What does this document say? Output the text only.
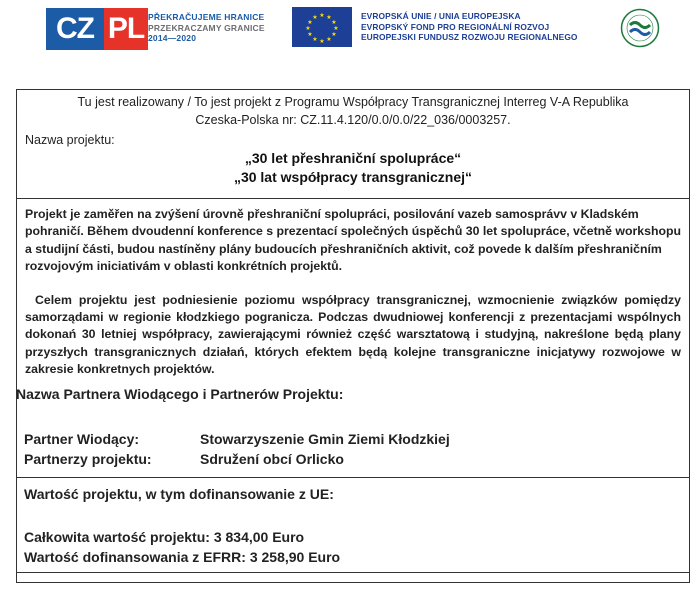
CZ PL PŘEKRAČUJEME HRANICE
PRZEKRACZAMY GRANICE
2014—2020
★ ★
★
★
★
★
★
★
★
★
★
★	EVROPSKÁ UNIE / UNIA EUROPEJSKA
EVROPSKÝ FOND PRO REGIONÁLNÍ ROZVOJ
EUROPEJSKI FUNDUSZ ROZWOJU REGIONALNEGO
Tu jest realizowany / To jest projekt z Programu Współpracy Transgranicznej Interreg V-A Republika
Czeska-Polska nr: CZ.11.4.120/0.0/0.0/22_036/0003257.
Nazwa projektu:
„30 let přeshraniční spolupráce“
„30 lat współpracy transgranicznej“
Projekt je zaměřen na zvýšení úrovně přeshraniční spolupráci, posilování vazeb samosprávv v Kladském pohraničí. Během dvoudenní konference s prezentací společných úspěchů 30 let spolupráce, včetně workshopu a studijní části, budou nastíněny plány budoucích přeshraničních aktivit, což povede k dalším přeshraničním rozvojovým iniciativám v oblasti konkrétních projektů.
Celem projektu jest podniesienie poziomu współpracy transgranicznej, wzmocnienie związków pomiędzy samorządami w regionie kłodzkiego pogranicza. Podczas dwudniowej konferencji z prezentacjami wspólnych dokonań 30 letniej współpracy, zawierającymi również część warsztatową i studyjną, nakreślone będą plany przyszłych transgranicznych działań, których efektem będą kolejne transgraniczne inicjatywy rozwojowe w zakresie konkretnych projektów.
Nazwa Partnera Wiodącego i Partnerów Projektu:
Partner Wiodący:	Stowarzyszenie Gmin Ziemi Kłodzkiej
Partnerzy projektu:	Sdružení obcí Orlicko
Wartość projektu, w tym dofinansowanie z UE:
Całkowita wartość projektu: 3 834,00 Euro
Wartość dofinansowania z EFRR: 3 258,90 Euro
